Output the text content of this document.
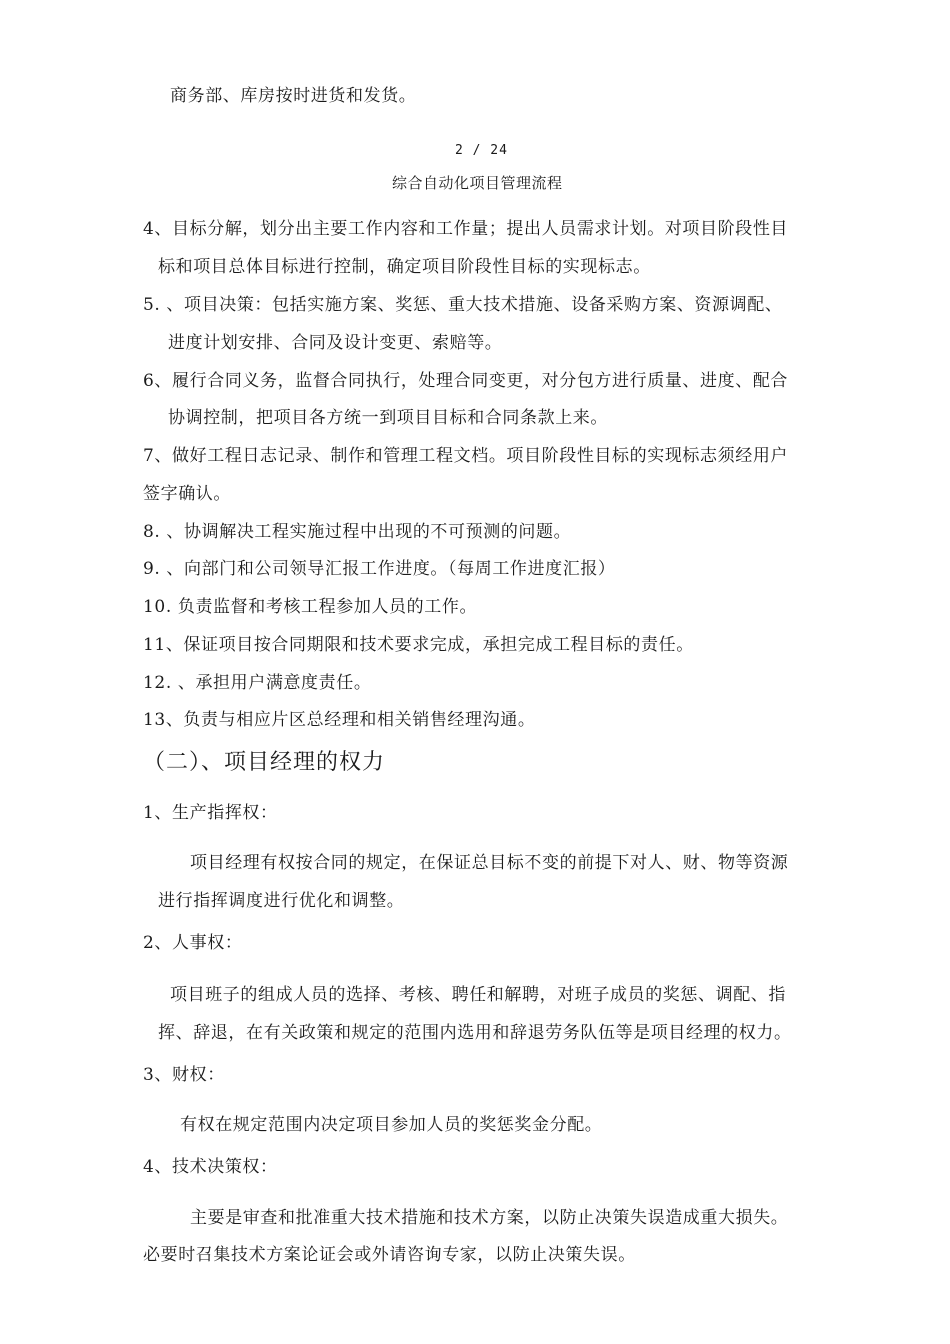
商务部、库房按时进货和发货。
2 / 24
综合自动化项目管理流程
4、目标分解，划分出主要工作内容和工作量；提出人员需求计划。对项目阶段性目
标和项目总体目标进行控制，确定项目阶段性目标的实现标志。
5. 、项目决策：包括实施方案、奖惩、重大技术措施、设备采购方案、资源调配、
进度计划安排、合同及设计变更、索赔等。
6、履行合同义务，监督合同执行，处理合同变更，对分包方进行质量、进度、配合
协调控制，把项目各方统一到项目目标和合同条款上来。
7、做好工程日志记录、制作和管理工程文档。项目阶段性目标的实现标志须经用户
签字确认。
8. 、协调解决工程实施过程中出现的不可预测的问题。
9. 、向部门和公司领导汇报工作进度。（每周工作进度汇报）
10. 负责监督和考核工程参加人员的工作。
11、保证项目按合同期限和技术要求完成，承担完成工程目标的责任。
12. 、承担用户满意度责任。
13、负责与相应片区总经理和相关销售经理沟通。
（二）、项目经理的权力
1、生产指挥权：
项目经理有权按合同的规定，在保证总目标不变的前提下对人、财、物等资源
进行指挥调度进行优化和调整。
2、人事权：
项目班子的组成人员的选择、考核、聘任和解聘，对班子成员的奖惩、调配、指
挥、辞退，在有关政策和规定的范围内选用和辞退劳务队伍等是项目经理的权力。
3、财权：
有权在规定范围内决定项目参加人员的奖惩奖金分配。
4、技术决策权：
主要是审查和批准重大技术措施和技术方案，以防止决策失误造成重大损失。
必要时召集技术方案论证会或外请咨询专家，以防止决策失误。
